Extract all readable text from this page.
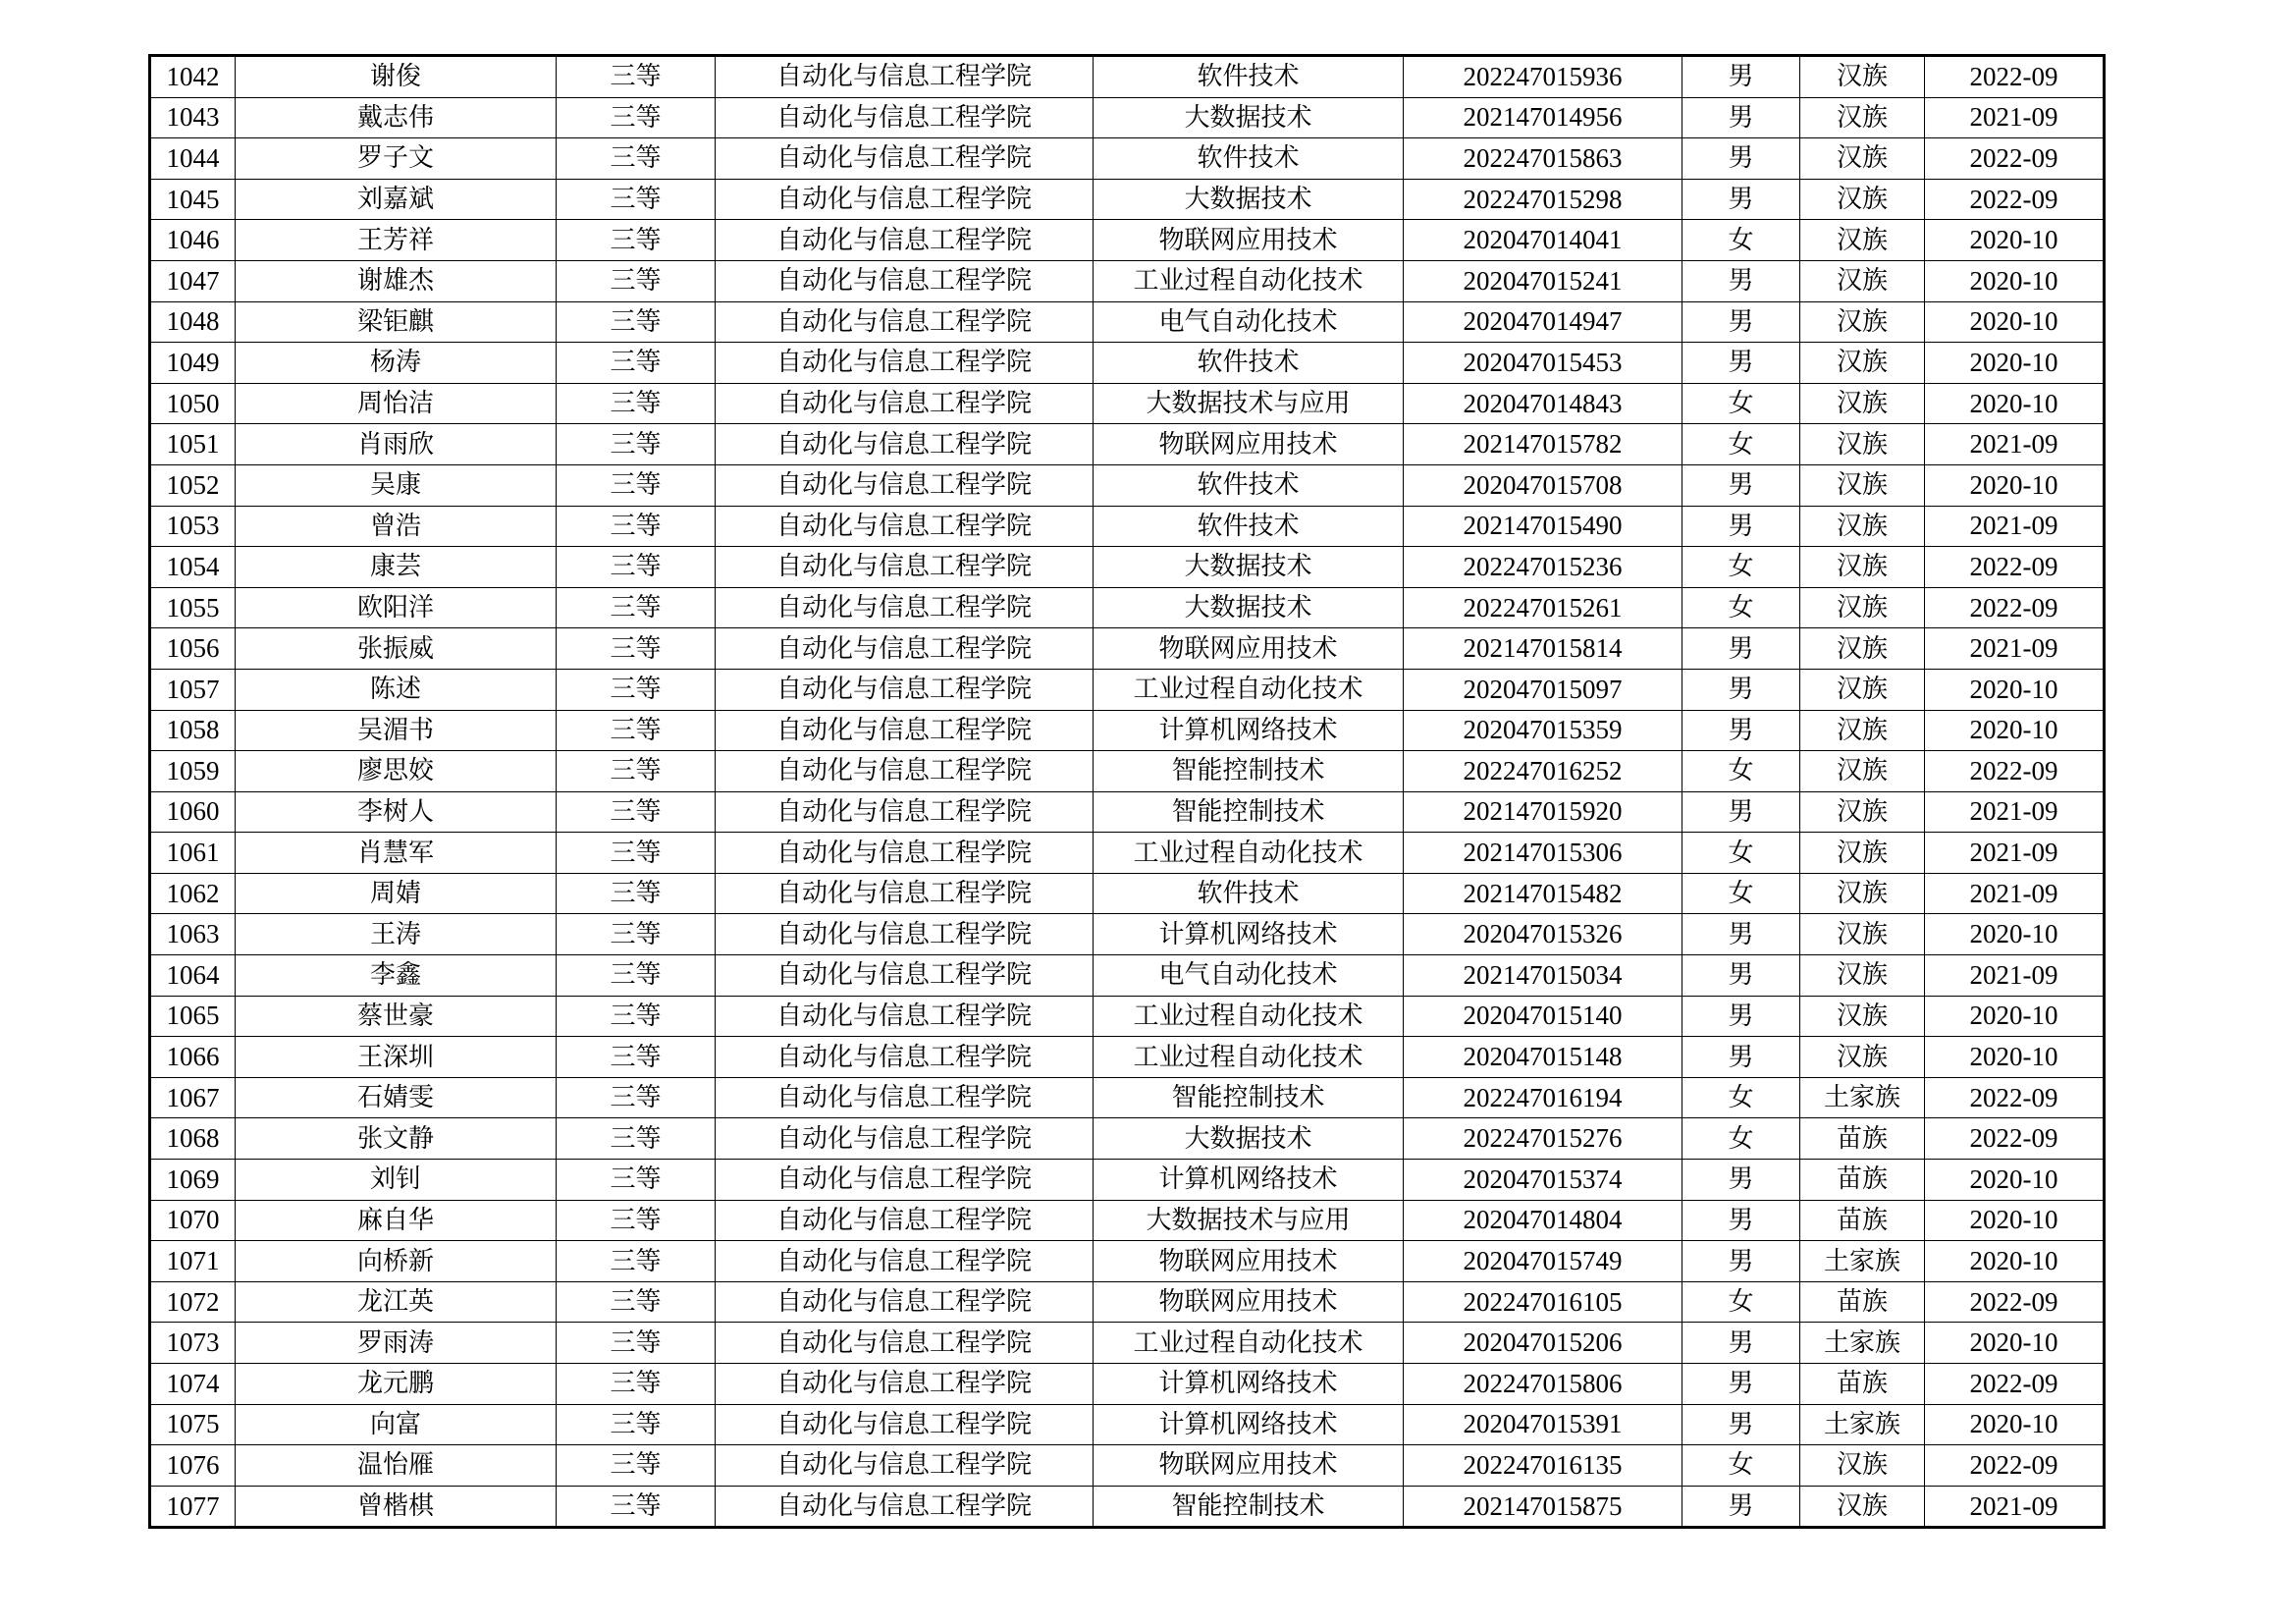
1042	谢俊	三等	自动化与信息工程学院	软件技术	202247015936	男	汉族	2022-09
1043	戴志伟	三等	自动化与信息工程学院	大数据技术	202147014956	男	汉族	2021-09
1044	罗子文	三等	自动化与信息工程学院	软件技术	202247015863	男	汉族	2022-09
1045	刘嘉斌	三等	自动化与信息工程学院	大数据技术	202247015298	男	汉族	2022-09
1046	王芳祥	三等	自动化与信息工程学院	物联网应用技术	202047014041	女	汉族	2020-10
1047	谢雄杰	三等	自动化与信息工程学院	工业过程自动化技术	202047015241	男	汉族	2020-10
1048	梁钜麒	三等	自动化与信息工程学院	电气自动化技术	202047014947	男	汉族	2020-10
1049	杨涛	三等	自动化与信息工程学院	软件技术	202047015453	男	汉族	2020-10
1050	周怡洁	三等	自动化与信息工程学院	大数据技术与应用	202047014843	女	汉族	2020-10
1051	肖雨欣	三等	自动化与信息工程学院	物联网应用技术	202147015782	女	汉族	2021-09
1052	吴康	三等	自动化与信息工程学院	软件技术	202047015708	男	汉族	2020-10
1053	曾浩	三等	自动化与信息工程学院	软件技术	202147015490	男	汉族	2021-09
1054	康芸	三等	自动化与信息工程学院	大数据技术	202247015236	女	汉族	2022-09
1055	欧阳洋	三等	自动化与信息工程学院	大数据技术	202247015261	女	汉族	2022-09
1056	张振威	三等	自动化与信息工程学院	物联网应用技术	202147015814	男	汉族	2021-09
1057	陈述	三等	自动化与信息工程学院	工业过程自动化技术	202047015097	男	汉族	2020-10
1058	吴湄书	三等	自动化与信息工程学院	计算机网络技术	202047015359	男	汉族	2020-10
1059	廖思姣	三等	自动化与信息工程学院	智能控制技术	202247016252	女	汉族	2022-09
1060	李树人	三等	自动化与信息工程学院	智能控制技术	202147015920	男	汉族	2021-09
1061	肖慧军	三等	自动化与信息工程学院	工业过程自动化技术	202147015306	女	汉族	2021-09
1062	周婧	三等	自动化与信息工程学院	软件技术	202147015482	女	汉族	2021-09
1063	王涛	三等	自动化与信息工程学院	计算机网络技术	202047015326	男	汉族	2020-10
1064	李鑫	三等	自动化与信息工程学院	电气自动化技术	202147015034	男	汉族	2021-09
1065	蔡世豪	三等	自动化与信息工程学院	工业过程自动化技术	202047015140	男	汉族	2020-10
1066	王深圳	三等	自动化与信息工程学院	工业过程自动化技术	202047015148	男	汉族	2020-10
1067	石婧雯	三等	自动化与信息工程学院	智能控制技术	202247016194	女	土家族	2022-09
1068	张文静	三等	自动化与信息工程学院	大数据技术	202247015276	女	苗族	2022-09
1069	刘钊	三等	自动化与信息工程学院	计算机网络技术	202047015374	男	苗族	2020-10
1070	麻自华	三等	自动化与信息工程学院	大数据技术与应用	202047014804	男	苗族	2020-10
1071	向桥新	三等	自动化与信息工程学院	物联网应用技术	202047015749	男	土家族	2020-10
1072	龙江英	三等	自动化与信息工程学院	物联网应用技术	202247016105	女	苗族	2022-09
1073	罗雨涛	三等	自动化与信息工程学院	工业过程自动化技术	202047015206	男	土家族	2020-10
1074	龙元鹏	三等	自动化与信息工程学院	计算机网络技术	202247015806	男	苗族	2022-09
1075	向富	三等	自动化与信息工程学院	计算机网络技术	202047015391	男	土家族	2020-10
1076	温怡雁	三等	自动化与信息工程学院	物联网应用技术	202247016135	女	汉族	2022-09
1077	曾楷棋	三等	自动化与信息工程学院	智能控制技术	202147015875	男	汉族	2021-09
